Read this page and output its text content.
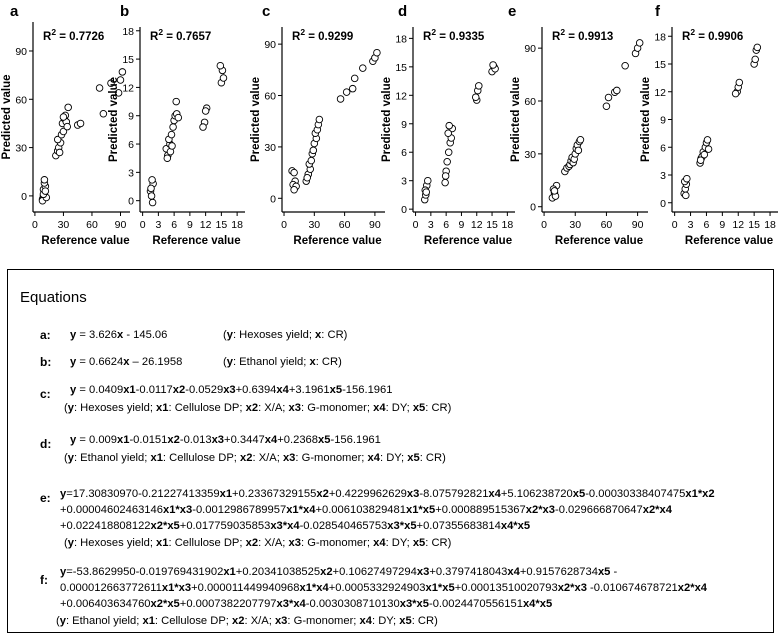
a
0 30 60 90
0
30
60
90
$R^2 = 0.7726$
Reference value
Predicted value
b
0 3 6 9 12 15 18
0
3
6
9
12
15
18 $R^2 = 0.7657$
Reference value
Predicted value
c
0 30 60 90
0
30
60
90
$R^2 = 0.9299$
Reference value
Predicted value
d
0 3 6 9 12 15 18
0
3
6
9
12
15
18 $R^2 = 0.9335$
Reference value
Predicted value
e
0 30 60 90
0
30
60
90
$R^2 = 0.9913$
Reference value
Predicted value
f
0 3 6 9 12 15 18
0
3
6
9
12
15
18 $R^2 = 0.9906$
Reference value
Predicted value
Equations
a: y = 3.626x - 145.06	(y: Hexoses yield; x: CR)
b: y = 0.6624x – 26.1958	(y: Ethanol yield; x: CR)
c: y = 0.0409x1-0.0117x2-0.0529x3+0.6394x4+3.1961x5-156.1961
(y: Hexoses yield; x1: Cellulose DP; x2: X/A; x3: G-monomer; x4: DY; x5: CR)
d: y = 0.009x1-0.0151x2-0.013x3+0.3447x4+0.2368x5-156.1961
(y: Ethanol yield; x1: Cellulose DP; x2: X/A; x3: G-monomer; x4: DY; x5: CR)
e: y=17.30830970-0.21227413359x1+0.23367329155x2+0.4229962629x3-8.075792821x4+5.106238720x5-0.00030338407475x1*x2
+0.00004602463146x1*x3-0.0012986789957x1*x4+0.006103829481x1*x5+0.000889515367x2*x3-0.029666870647x2*x4
+0.022418808122x2*x5+0.017759035853x3*x4-0.028540465753x3*x5+0.07355683814x4*x5
(y: Hexoses yield; x1: Cellulose DP; x2: X/A; x3: G-monomer; x4: DY; x5: CR)
f:
y=-53.8629950-0.019769431902x1+0.20341038525x2+0.10627497294x3+0.3797418043x4+0.9157628734x5 -
0.000012663772611x1*x3+0.000011449940968x1*x4+0.0005332924903x1*x5+0.00013510020793x2*x3 -0.010674678721x2*x4
+0.006403634760x2*x5+0.0007382207797x3*x4-0.0030308710130x3*x5-0.0024470556151x4*x5
(y: Ethanol yield; x1: Cellulose DP; x2: X/A; x3: G-monomer; x4: DY; x5: CR)
